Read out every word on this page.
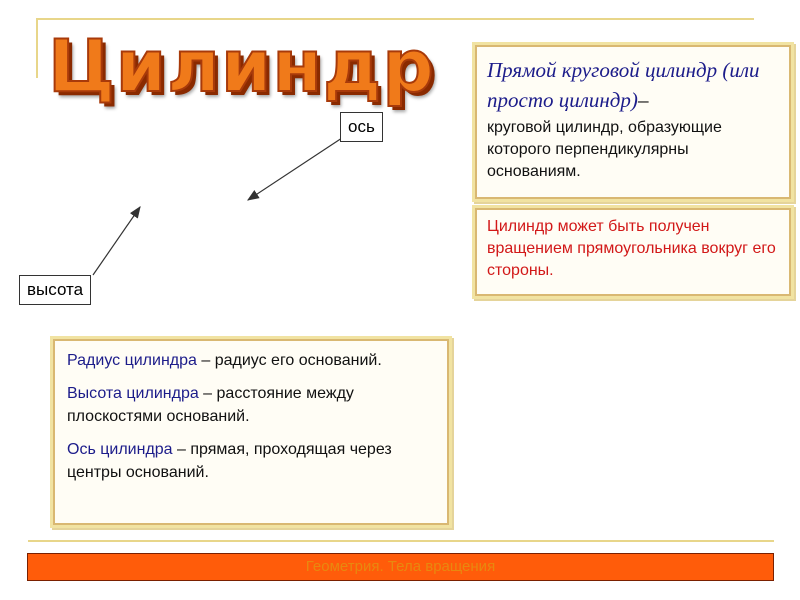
Цилиндр
ось
высота
Прямой круговой цилиндр (или просто цилиндр)–
круговой цилиндр, образующие которого перпендикулярны основаниям.
Цилиндр может быть получен вращением прямоугольника вокруг его стороны.
Радиус цилиндра – радиус его оснований.
Высота цилиндра – расстояние между плоскостями оснований.
Ось цилиндра – прямая, проходящая через центры оснований.
Геометрия. Тела вращения
